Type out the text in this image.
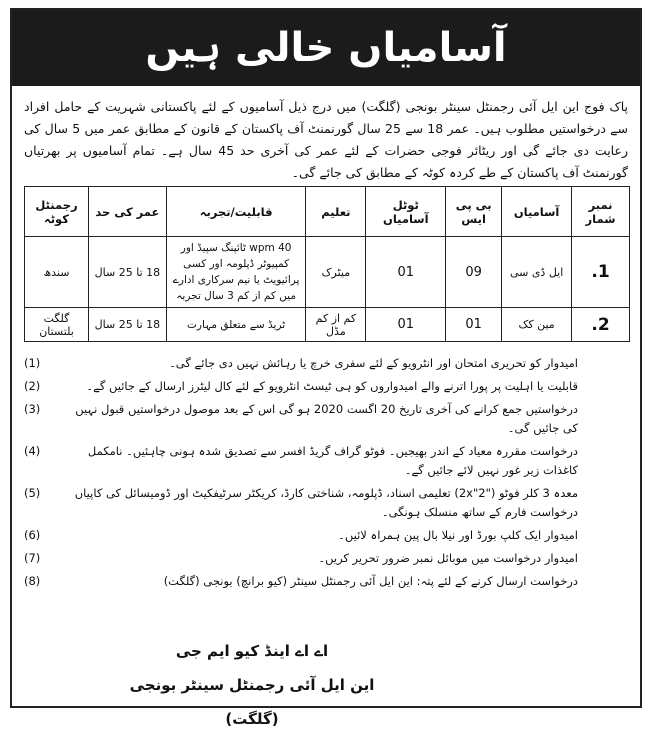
آسامیاں خالی ہیں

پاک فوج این ایل آئی رجمنٹل سینٹر بونجی (گلگت) میں درج ذیل آسامیوں کے لئے پاکستانی شہریت کے حامل افراد سے درخواستیں مطلوب ہیں۔ عمر 18 سے 25 سال گورنمنٹ آف پاکستان کے قانون کے مطابق عمر میں 5 سال کی رعایت دی جائے گی اور ریٹائر فوجی حضرات کے لئے عمر کی آخری حد 45 سال ہے۔ تمام آسامیوں پر بھرتیاں گورنمنٹ آف پاکستان کے طے کردہ کوٹہ کے مطابق کی جائے گی۔

نمبر شمار	آسامیاں	بی پی ایس	ٹوٹل آسامیاں	تعلیم	قابلیت/تجربہ	عمر کی حد	رجمنٹل کوٹہ
1.	ایل ڈی سی	09	01	میٹرک	40 wpm ٹائپنگ سپیڈ اور کمپیوٹر ڈپلومہ اور کسی پرائیویٹ یا نیم سرکاری ادارے میں کم از کم 3 سال تجربہ	18 تا 25 سال	سندھ
2.	مین کک	01	01	کم از کم مڈل	ٹریڈ سے متعلق مہارت	18 تا 25 سال	گلگت بلتستان
امیدوار کو تحریری امتحان اور انٹرویو کے لئے سفری خرچ یا رہائش نہیں دی جائے گی۔
(1)
قابلیت یا اہلیت پر پورا اترنے والے امیدواروں کو ہی ٹیسٹ انٹرویو کے لئے کال لیٹرز ارسال کے جائیں گے۔
(2)
درخواستیں جمع کرانے کی آخری تاریخ 20 اگست 2020 ہو گی اس کے بعد موصول درخواستیں قبول نہیں کی جائیں گی۔
(3)
درخواست مقررہ معیاد کے اندر بھیجیں۔ فوٹو گراف گریڈ افسر سے تصدیق شدہ ہونی چاہئیں۔ نامکمل کاغذات زیر غور نہیں لائے جائیں گے۔
(4)
معدہ 3 کلر فوٹو ("2x"2) تعلیمی اسناد، ڈپلومہ، شناختی کارڈ، کریکٹر سرٹیفکیٹ اور ڈومیسائل کی کاپیاں درخواست فارم کے ساتھ منسلک ہونگی۔
(5)
امیدوار ایک کلپ بورڈ اور نیلا بال پین ہمراہ لائیں۔
(6)
امیدوار درخواست میں موبائل نمبر ضرور تحریر کریں۔
(7)
درخواست ارسال کرنے کے لئے پتہ: این ایل آئی رجمنٹل سینٹر (کیو برانچ) بونجی (گلگت)
(8)
اے اے اینڈ کیو ایم جی
این ایل آئی رجمنٹل سینٹر بونجی (گلگت)
